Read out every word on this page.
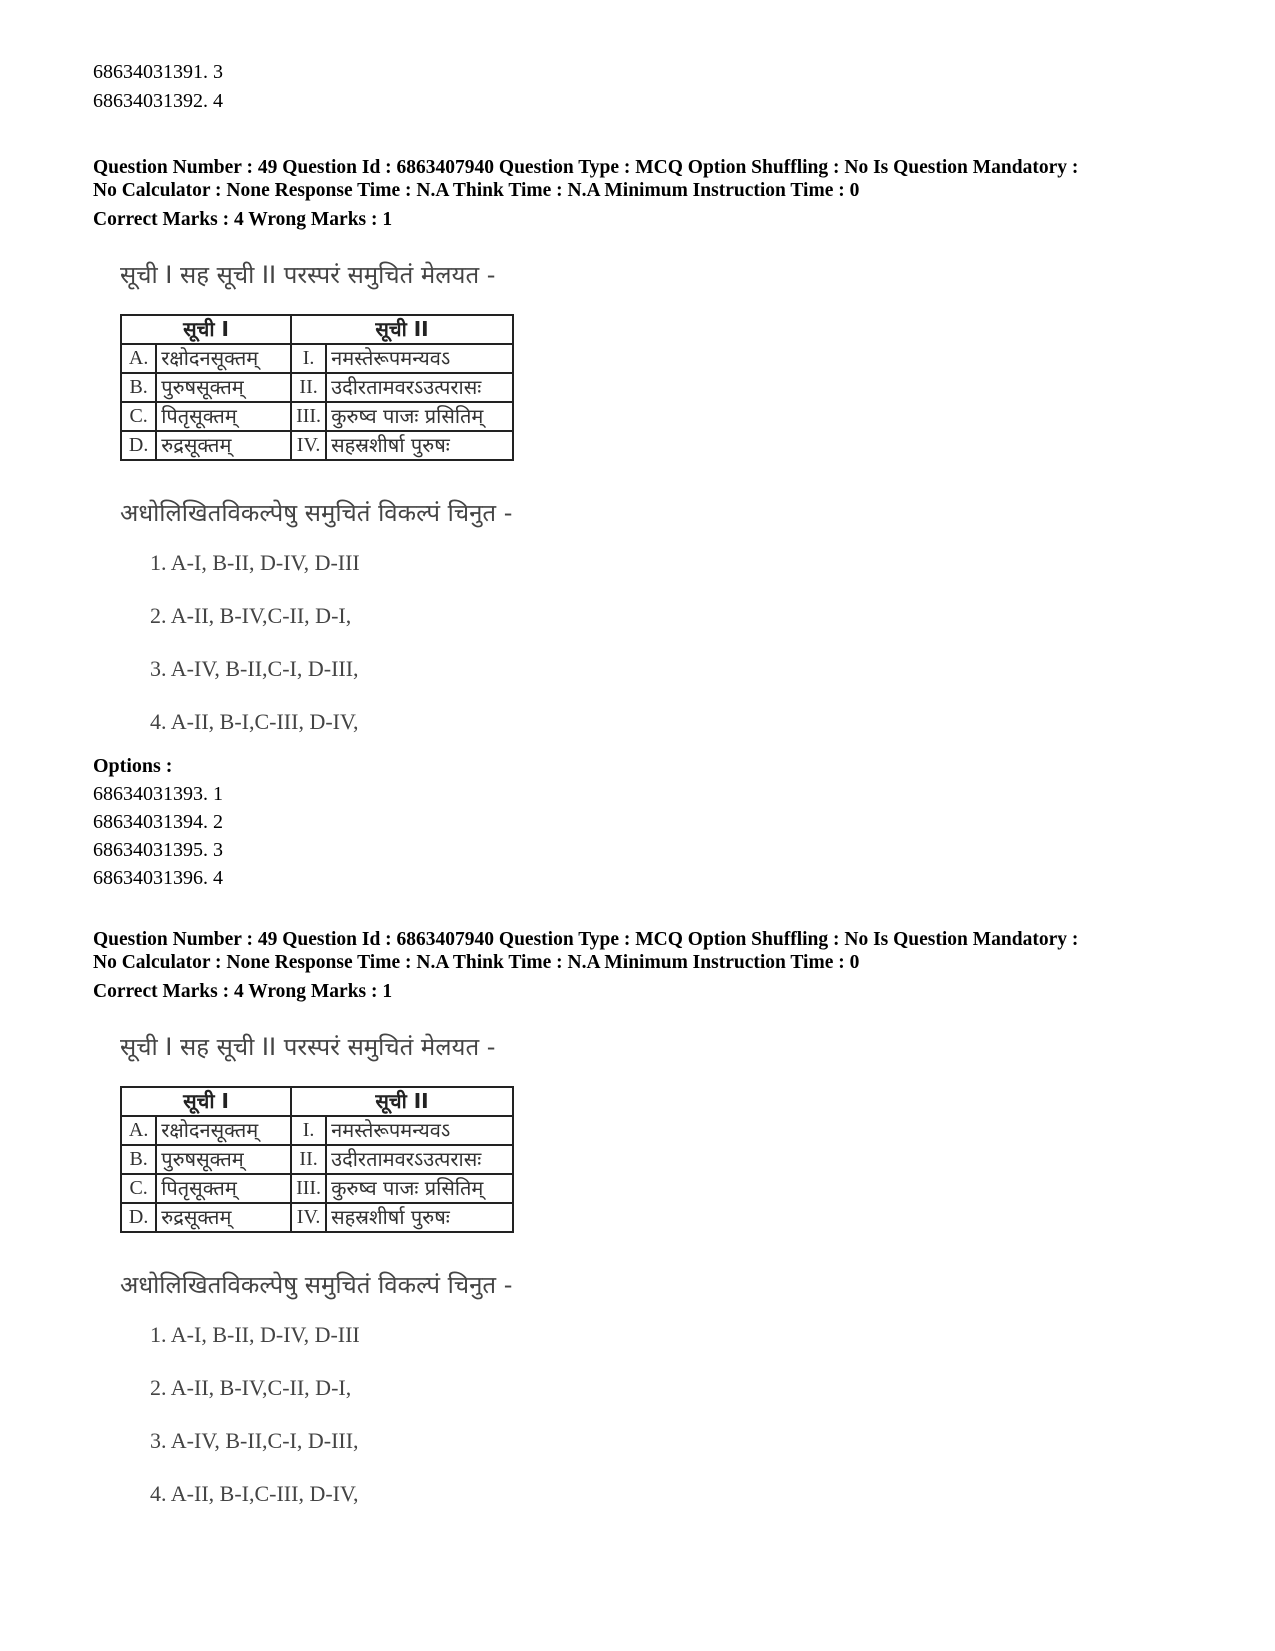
68634031391. 3
68634031392. 4
Question Number : 49 Question Id : 6863407940 Question Type : MCQ Option Shuffling : No Is Question Mandatory :
No Calculator : None Response Time : N.A Think Time : N.A Minimum Instruction Time : 0
Correct Marks : 4 Wrong Marks : 1
सूची I सह सूची II परस्परं समुचितं मेलयत -
सूची I		सूची II	
A.	रक्षोदनसूक्तम्	I.	नमस्तेरूपमन्यवऽ
B.	पुरुषसूक्तम्	II.	उदीरतामवरऽउत्परासः
C.	पितृसूक्तम्	III.	कुरुष्व पाजः प्रसितिम्
D.	रुद्रसूक्तम्	IV.	सहस्रशीर्षा पुरुषः
अधोलिखितविकल्पेषु समुचितं विकल्पं चिनुत -
1. A-I, B-II, D-IV, D-III
2. A-II, B-IV,C-II, D-I,
3. A-IV, B-II,C-I, D-III,
4. A-II, B-I,C-III, D-IV,
Options :
68634031393. 1
68634031394. 2
68634031395. 3
68634031396. 4
Question Number : 49 Question Id : 6863407940 Question Type : MCQ Option Shuffling : No Is Question Mandatory :
No Calculator : None Response Time : N.A Think Time : N.A Minimum Instruction Time : 0
Correct Marks : 4 Wrong Marks : 1
सूची I सह सूची II परस्परं समुचितं मेलयत -
सूची I		सूची II	
A.	रक्षोदनसूक्तम्	I.	नमस्तेरूपमन्यवऽ
B.	पुरुषसूक्तम्	II.	उदीरतामवरऽउत्परासः
C.	पितृसूक्तम्	III.	कुरुष्व पाजः प्रसितिम्
D.	रुद्रसूक्तम्	IV.	सहस्रशीर्षा पुरुषः
अधोलिखितविकल्पेषु समुचितं विकल्पं चिनुत -
1. A-I, B-II, D-IV, D-III
2. A-II, B-IV,C-II, D-I,
3. A-IV, B-II,C-I, D-III,
4. A-II, B-I,C-III, D-IV,
